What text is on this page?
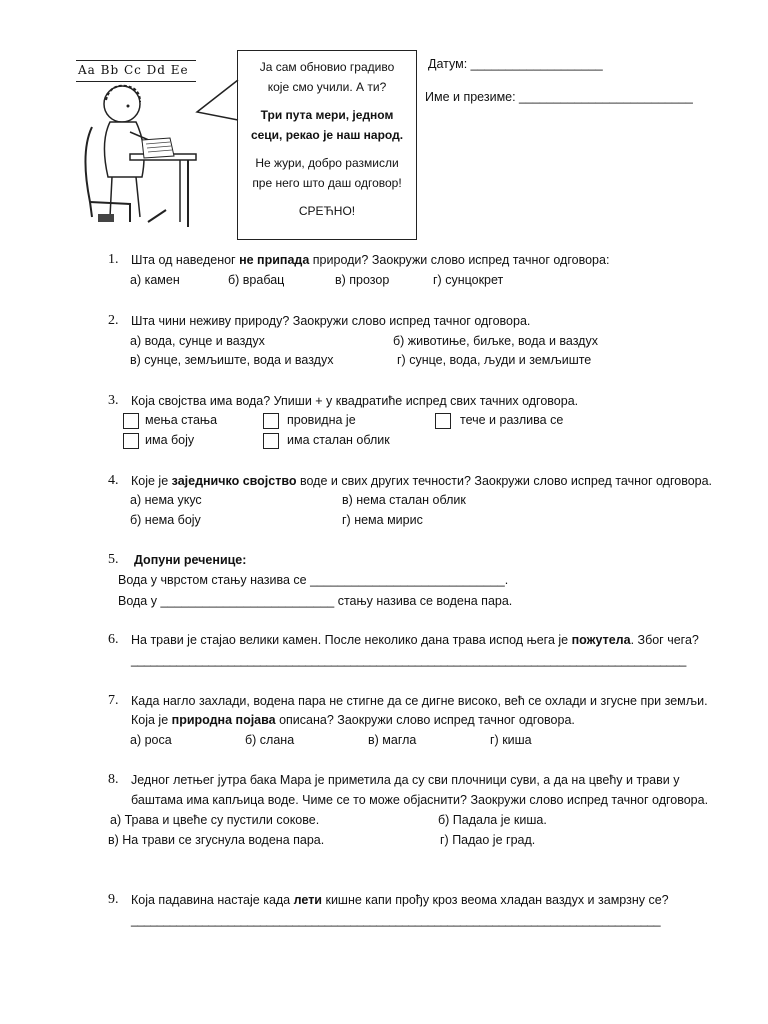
Aa Bb Cc Dd Ee	Ја сам обновио градиво

које смо учили. А ти?

Три пута мери, једном

сеци, рекао је наш народ.

Не жури, добро размисли

пре него што даш одговор!

СРЕЋНО!

Датум: ___________________
Име и презиме: _________________________
1. Шта од наведеног не припада природи? Заокружи слово испред тачног одговора:
а) камен	б) врабац	в) прозор	г) сунцокрет
2. Шта чини неживу природу? Заокружи слово испред тачног одговора.
а) вода, сунце и ваздух	б) животиње, биљке, вода и ваздух
в) сунце, земљиште, вода и ваздух	г) сунце, вода, људи и земљиште
3. Која својства има вода? Упиши + у квадратиће испред свих тачних одговора.
мења стања	провидна је	тече и разлива се
има боју	има сталан облик
4. Које је заједничко својство воде и свих других течности? Заокружи слово испред тачног одговора.
а) нема укус	в) нема сталан облик
б) нема боју	г) нема мирис
5. Допуни реченице:
Вода у чврстом стању назива се ____________________________.
Вода у _________________________ стању назива се водена пара.
6. На трави је стајао велики камен. После неколико дана трава испод њега је пожутела. Због чега?
______________________________________________________________________________________
7. Када нагло захлади, водена пара не стигне да се дигне високо, већ се охлади и згусне при земљи.
Која је природна појава описана? Заокружи слово испред тачног одговора.
а) роса	б) слана	в) магла	г) киша
8. Једног летњег јутра бака Мара је приметила да су сви плочници суви, а да на цвећу и трави у
баштама има капљица воде. Чиме се то може објаснити? Заокружи слово испред тачног одговора.
а) Трава и цвеће су пустили сокове.	б) Падала је киша.
в) На трави се згуснула водена пара.	г) Падао је град.
9. Која падавина настаје када лети кишне капи прођу кроз веома хладан ваздух и замрзну се?
__________________________________________________________________________________
